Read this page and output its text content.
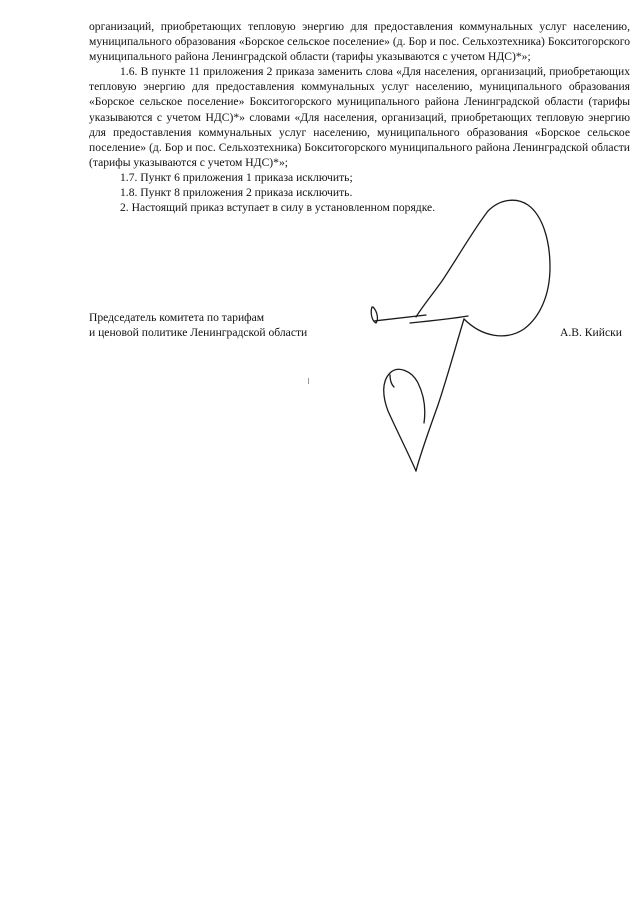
организаций, приобретающих тепловую энергию для предоставления коммунальных услуг населению, муниципального образования «Борское сельское поселение» (д. Бор и пос. Сельхозтехника) Бокситогорского муниципального района Ленинградской области (тарифы указываются с учетом НДС)*»;

1.6. В пункте 11 приложения 2 приказа заменить слова «Для населения, организаций, приобретающих тепловую энергию для предоставления коммунальных услуг населению, муниципального образования «Борское сельское поселение» Бокситогорского муниципального района Ленинградской области (тарифы указываются с учетом НДС)*» словами «Для населения, организаций, приобретающих тепловую энергию для предоставления коммунальных услуг населению, муниципального образования «Борское сельское поселение» (д. Бор и пос. Сельхозтехника) Бокситогорского муниципального района Ленинградской области (тарифы указываются с учетом НДС)*»;

1.7. Пункт 6 приложения 1 приказа исключить;

1.8. Пункт 8 приложения 2 приказа исключить.

2. Настоящий приказ вступает в силу в установленном порядке.

Председатель комитета по тарифам
и ценовой политике Ленинградской области	А.В. Кийски
